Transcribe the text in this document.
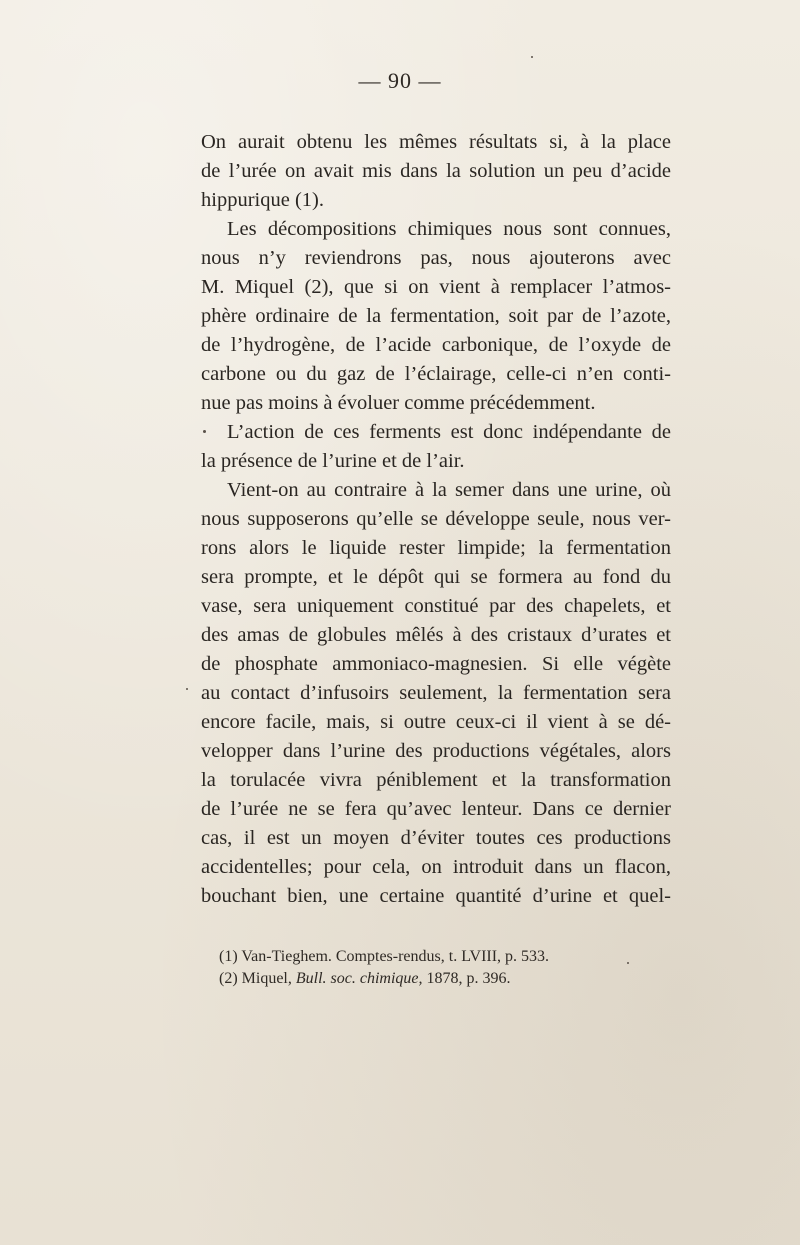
— 90 —
On aurait obtenu les mêmes résultats si, à la place
de l’urée on avait mis dans la solution un peu d’acide
hippurique (1).
Les décompositions chimiques nous sont connues,
nous n’y reviendrons pas, nous ajouterons avec
M. Miquel (2), que si on vient à remplacer l’atmos-
phère ordinaire de la fermentation, soit par de l’azote,
de l’hydrogène, de l’acide carbonique, de l’oxyde de
carbone ou du gaz de l’éclairage, celle-ci n’en conti-
nue pas moins à évoluer comme précédemment.
L’action de ces ferments est donc indépendante de
la présence de l’urine et de l’air.
Vient-on au contraire à la semer dans une urine, où
nous supposerons qu’elle se développe seule, nous ver-
rons alors le liquide rester limpide; la fermentation
sera prompte, et le dépôt qui se formera au fond du
vase, sera uniquement constitué par des chapelets, et
des amas de globules mêlés à des cristaux d’urates et
de phosphate ammoniaco-magnesien. Si elle végète
au contact d’infusoirs seulement, la fermentation sera
encore facile, mais, si outre ceux-ci il vient à se dé-
velopper dans l’urine des productions végétales, alors
la torulacée vivra péniblement et la transformation
de l’urée ne se fera qu’avec lenteur. Dans ce dernier
cas, il est un moyen d’éviter toutes ces productions
accidentelles; pour cela, on introduit dans un flacon,
bouchant bien, une certaine quantité d’urine et quel-
(1) Van-Tieghem. Comptes-rendus, t. LVIII, p. 533.
(2) Miquel, Bull. soc. chimique, 1878, p. 396.
